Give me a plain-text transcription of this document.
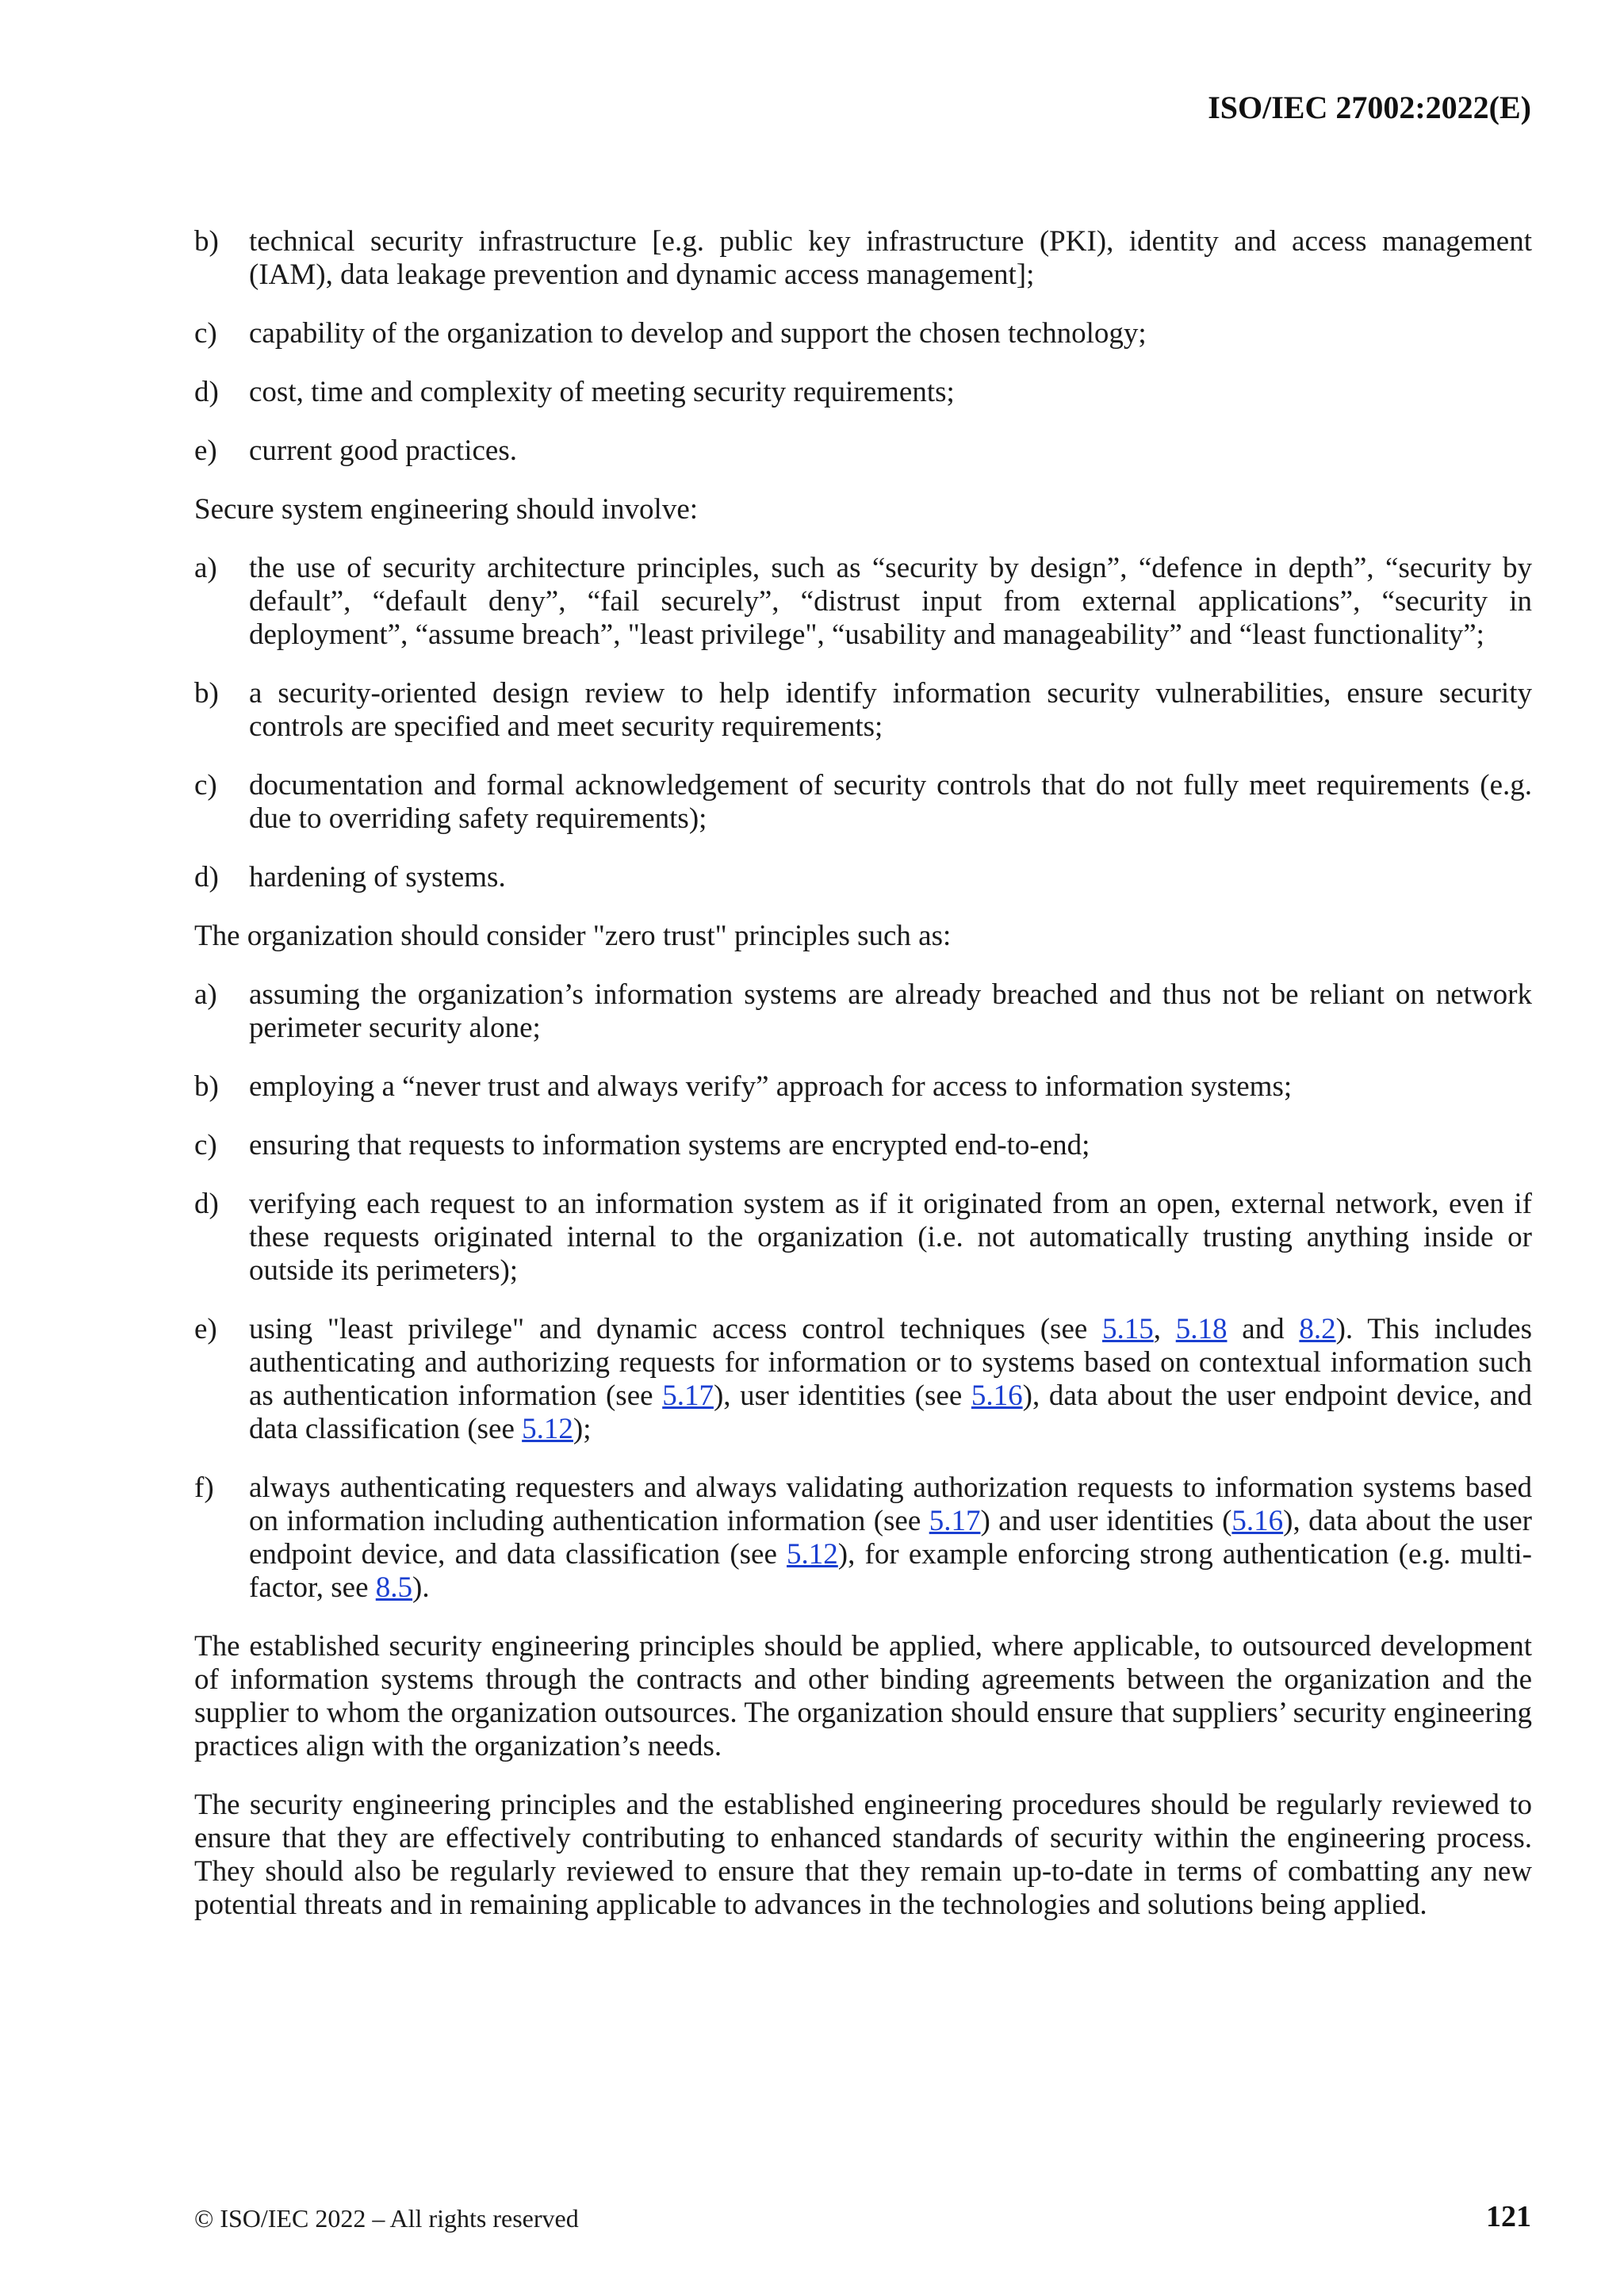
ISO/IEC 27002:2022(E)
b) technical security infrastructure [e.g. public key infrastructure (PKI), identity and access management (IAM), data leakage prevention and dynamic access management];
c) capability of the organization to develop and support the chosen technology;
d) cost, time and complexity of meeting security requirements;
e) current good practices.

Secure system engineering should involve:

a) the use of security architecture principles, such as “security by design”, “defence in depth”, “security by default”, “default deny”, “fail securely”, “distrust input from external applications”, “security in deployment”, “assume breach”, "least privilege", “usability and manageability” and “least functionality”;
b) a security-oriented design review to help identify information security vulnerabilities, ensure security controls are specified and meet security requirements;
c) documentation and formal acknowledgement of security controls that do not fully meet requirements (e.g. due to overriding safety requirements);
d) hardening of systems.

The organization should consider "zero trust" principles such as:

a) assuming the organization’s information systems are already breached and thus not be reliant on network perimeter security alone;
b) employing a “never trust and always verify” approach for access to information systems;
c) ensuring that requests to information systems are encrypted end-to-end;
d) verifying each request to an information system as if it originated from an open, external network, even if these requests originated internal to the organization (i.e. not automatically trusting anything inside or outside its perimeters);
e) using "least privilege" and dynamic access control techniques (see 5.15, 5.18 and 8.2). This includes authenticating and authorizing requests for information or to systems based on contextual information such as authentication information (see 5.17), user identities (see 5.16), data about the user endpoint device, and data classification (see 5.12);
f) always authenticating requesters and always validating authorization requests to information systems based on information including authentication information (see 5.17) and user identities (5.16), data about the user endpoint device, and data classification (see 5.12), for example enforcing strong authentication (e.g. multi-factor, see 8.5).

The established security engineering principles should be applied, where applicable, to outsourced development of information systems through the contracts and other binding agreements between the organization and the supplier to whom the organization outsources. The organization should ensure that suppliers’ security engineering practices align with the organization’s needs.

The security engineering principles and the established engineering procedures should be regularly reviewed to ensure that they are effectively contributing to enhanced standards of security within the engineering process. They should also be regularly reviewed to ensure that they remain up-to-date in terms of combatting any new potential threats and in remaining applicable to advances in the technologies and solutions being applied.

© ISO/IEC 2022 – All rights reserved	121
